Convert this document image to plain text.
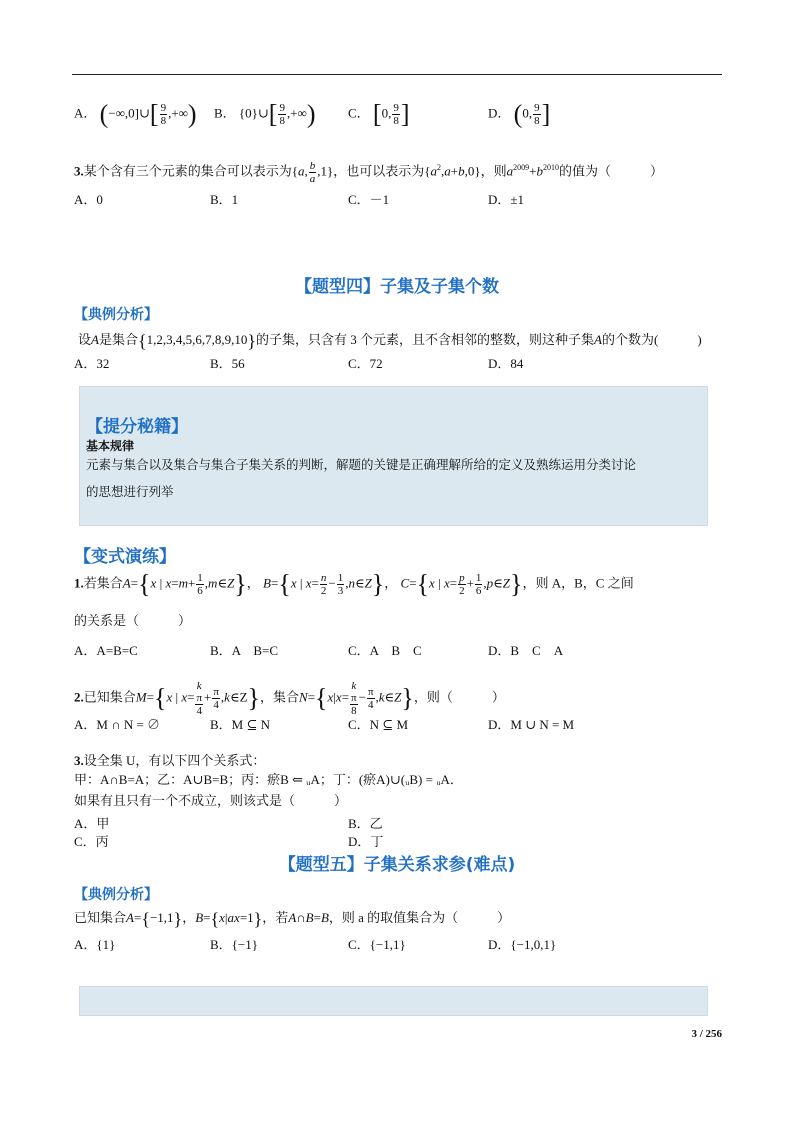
A． (−∞,0]∪[ $\frac{9}{8}$ ,+∞) B． {0}∪[ $\frac{9}{8}$ ,+∞)	C． [0, $\frac{9}{8}$ ]	D． (0, $\frac{9}{8}$ ]
3.某个含有三个元素的集合可以表示为{a, $\frac{b}{a} ,1$}，也可以表示为$\{a^2,a+b,0\}$，则$a^{2009}+b^{2010}$的值为（　　　）
A．0	B．1	C．－1	D．±1
【题型四】子集及子集个数
【典例分析】
设A是集合{1,2,3,4,5,6,7,8,9,10}的子集，只含有 3 个元素，且不含相邻的整数，则这种子集A的个数为(　　　)
A．32	B．56	C．72	D．84
【提分秘籍】
基本规律
元素与集合以及集合与集合子集关系的判断，解题的关键是正确理解所给的定义及熟练运用分类讨论
的思想进行列举
【变式演练】
1.若集合A={x | $x=m+ \frac{1}{6}$ ,m∈Z}， B={x | $x= \frac{n}{2} - \frac{1}{3}$ ,n∈Z}， C={x | $x= \frac{p}{2} + \frac{1}{6}$ ,p∈Z}，则 A，B，C 之间
的关系是（　　　）
A．A=B=C	B．A　B=C	C．A　B　C	D．B　C　A
2.已知集合M={x | x= k
π
$4 + \frac{\pi}{4}$ ,k∈Z}，集合N={x|x= k
π
$8 - \frac{\pi}{4}$ ,k∈Z}，则（　　　）
A．M ∩ N = ∅	B．M ⊆ N	C．N ⊆ M	D．M ∪ N = M
3.设全集 U，有以下四个关系式：
甲：A∩B=A；乙：A∪B=B；丙：瘀B ⇐ ᵤA；丁：(瘀A)∪(ᵤB) = ᵤA．
如果有且只有一个不成立，则该式是（　　　）
A．甲	B．乙
C．丙	D．丁
【题型五】子集关系求参(难点)
【典例分析】
已知集合A={−1,1}，B={x|ax=1}，若A∩B=B，则 a 的取值集合为（　　　）
A．{1}	B．{−1}	C．{−1,1}	D．{−1,0,1}
3 / 256
